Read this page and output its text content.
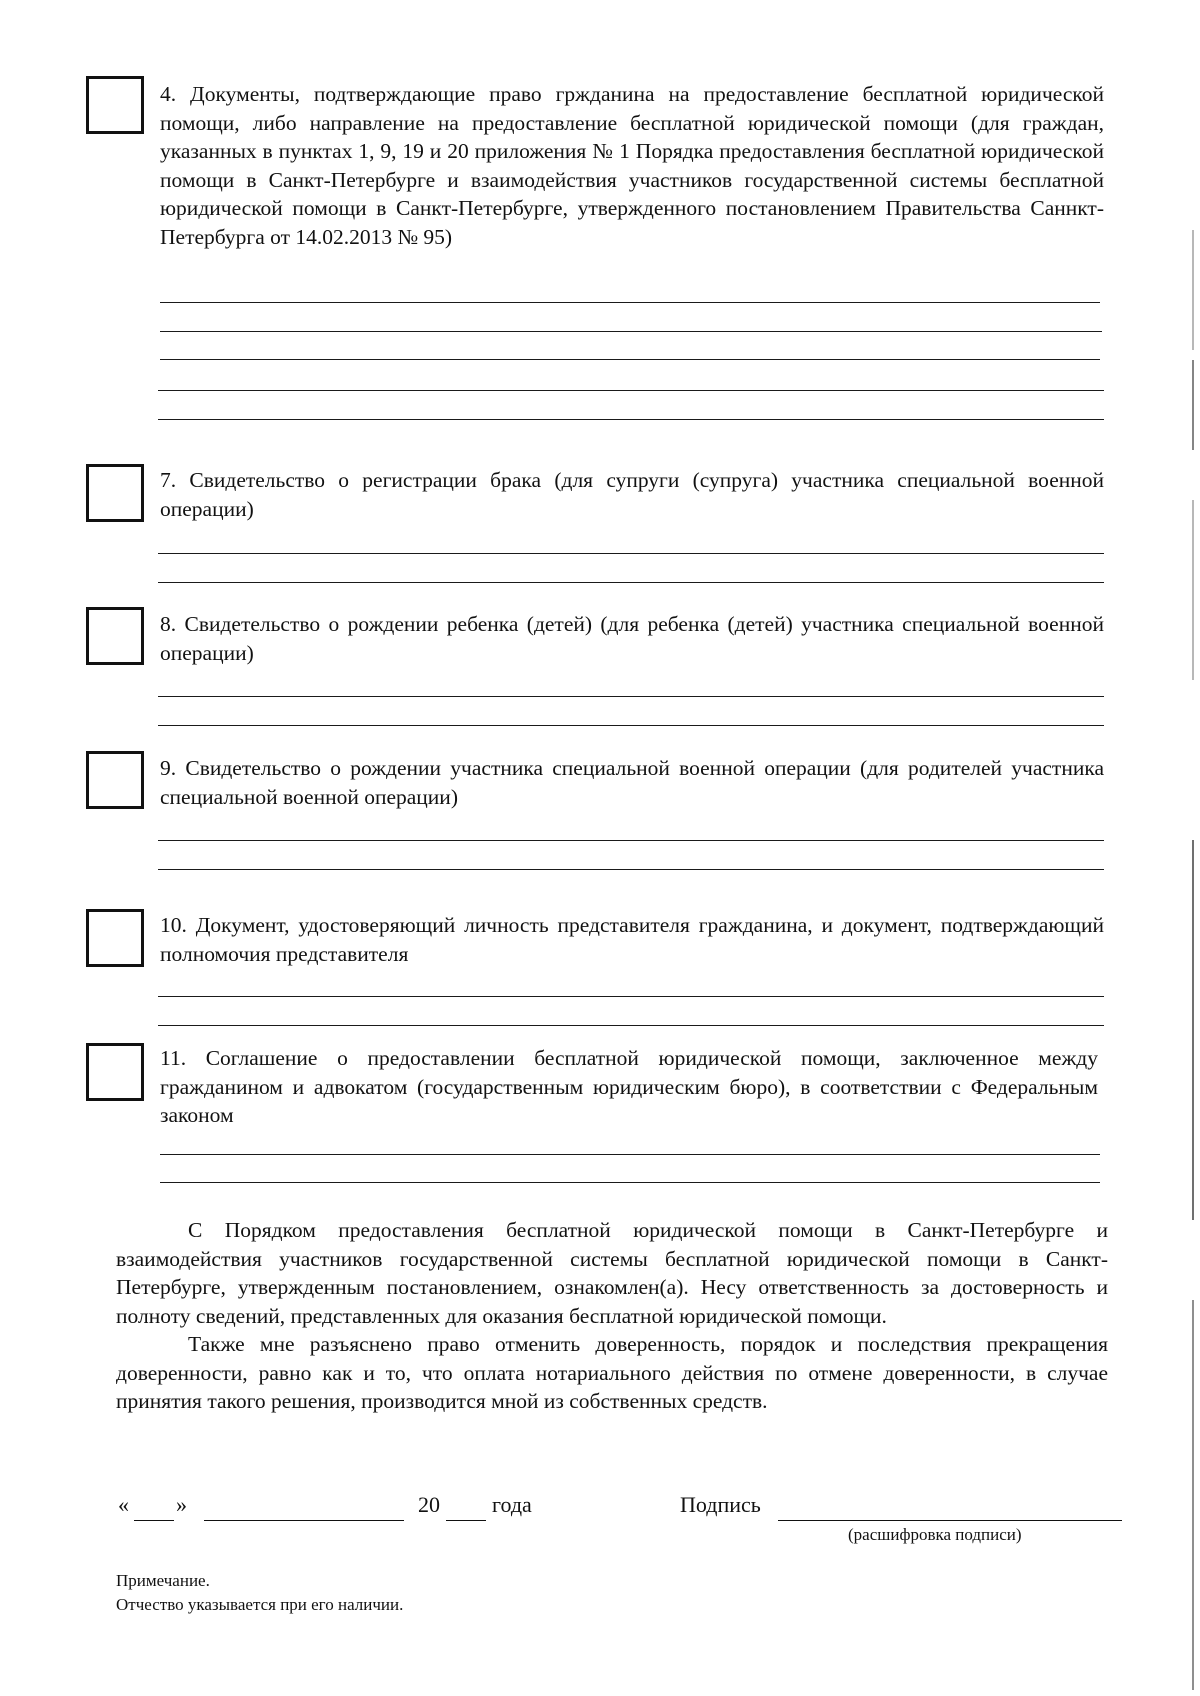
4. Документы, подтверждающие право гржданина на предоставление бесплатной юридической помощи, либо направление на предоставление бесплатной юридической помощи (для граждан, указанных в пунктах 1, 9, 19 и 20 приложения № 1 Порядка предоставления бесплатной юридической помощи в Санкт-Петербурге и взаимодействия участников государственной системы бесплатной юридической помощи в Санкт-Петербурге, утвержденного постановлением Правительства Саннкт-Петербурга от 14.02.2013 № 95)
7. Свидетельство о регистрации брака (для супруги (супруга) участника специальной военной операции)
8. Свидетельство о рождении ребенка (детей) (для ребенка (детей) участника специальной военной операции)
9. Свидетельство о рождении участника специальной военной операции (для родителей участника специальной военной операции)
10. Документ, удостоверяющий личность представителя гражданина, и документ, подтверждающий полномочия представителя
11. Соглашение о предоставлении бесплатной юридической помощи, заключенное между гражданином и адвокатом (государственным юридическим бюро), в соответствии с Федеральным законом

С Порядком предоставления бесплатной юридической помощи в Санкт-Петербурге и взаимодействия участников государственной системы бесплатной юридической помощи в Санкт-Петербурге, утвержденным постановлением, ознакомлен(а). Несу ответственность за достоверность и полноту сведений, представленных для оказания бесплатной юридической помощи.

Также мне разъяснено право отменить доверенность, порядок и последствия прекращения доверенности, равно как и то, что оплата нотариального действия по отмене доверенности, в случае принятия такого решения, производится мной из собственных средств.

« »	20 года	Подпись
(расшифровка подписи)
Примечание.
Отчество указывается при его наличии.
